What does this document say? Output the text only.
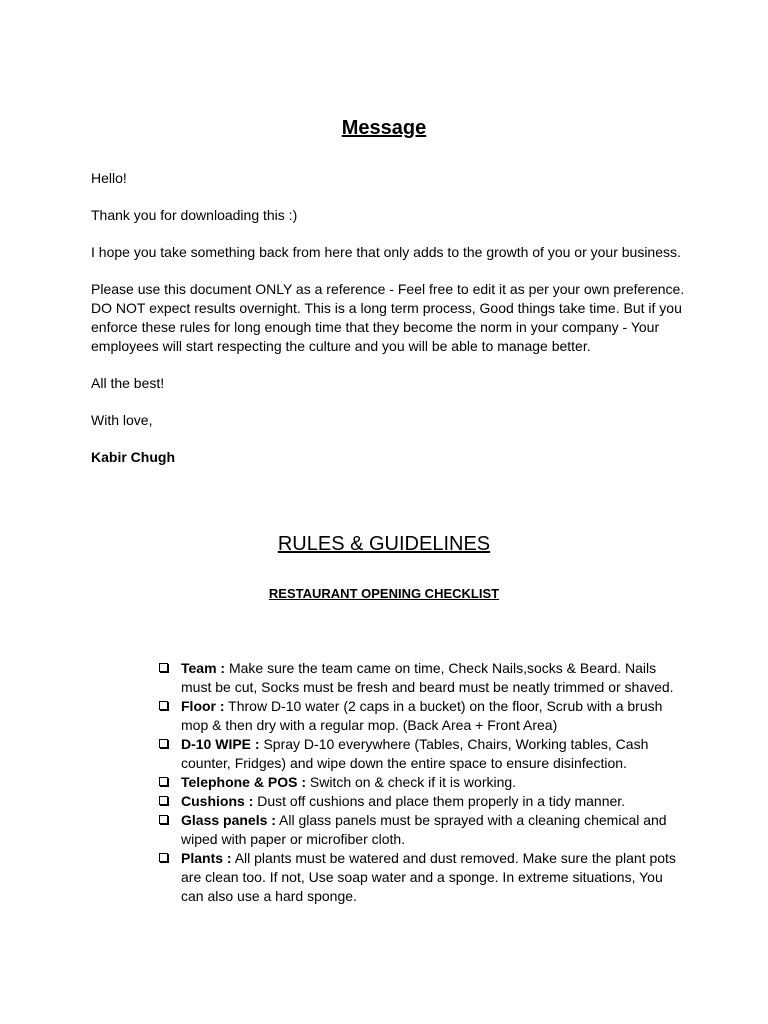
Message

Hello!

Thank you for downloading this :)

I hope you take something back from here that only adds to the growth of you or your business.

Please use this document ONLY as a reference - Feel free to edit it as per your own preference. DO NOT expect results overnight. This is a long term process, Good things take time. But if you enforce these rules for long enough time that they become the norm in your company - Your employees will start respecting the culture and you will be able to manage better.

All the best!

With love,

Kabir Chugh

RULES & GUIDELINES
RESTAURANT OPENING CHECKLIST
Team : Make sure the team came on time, Check Nails,socks & Beard. Nails must be cut, Socks must be fresh and beard must be neatly trimmed or shaved.
Floor : Throw D-10 water (2 caps in a bucket) on the floor, Scrub with a brush mop & then dry with a regular mop. (Back Area + Front Area)
D-10 WIPE : Spray D-10 everywhere (Tables, Chairs, Working tables, Cash counter, Fridges) and wipe down the entire space to ensure disinfection.
Telephone & POS : Switch on & check if it is working.
Cushions : Dust off cushions and place them properly in a tidy manner.
Glass panels : All glass panels must be sprayed with a cleaning chemical and wiped with paper or microfiber cloth.
Plants : All plants must be watered and dust removed. Make sure the plant pots are clean too. If not, Use soap water and a sponge. In extreme situations, You can also use a hard sponge.
